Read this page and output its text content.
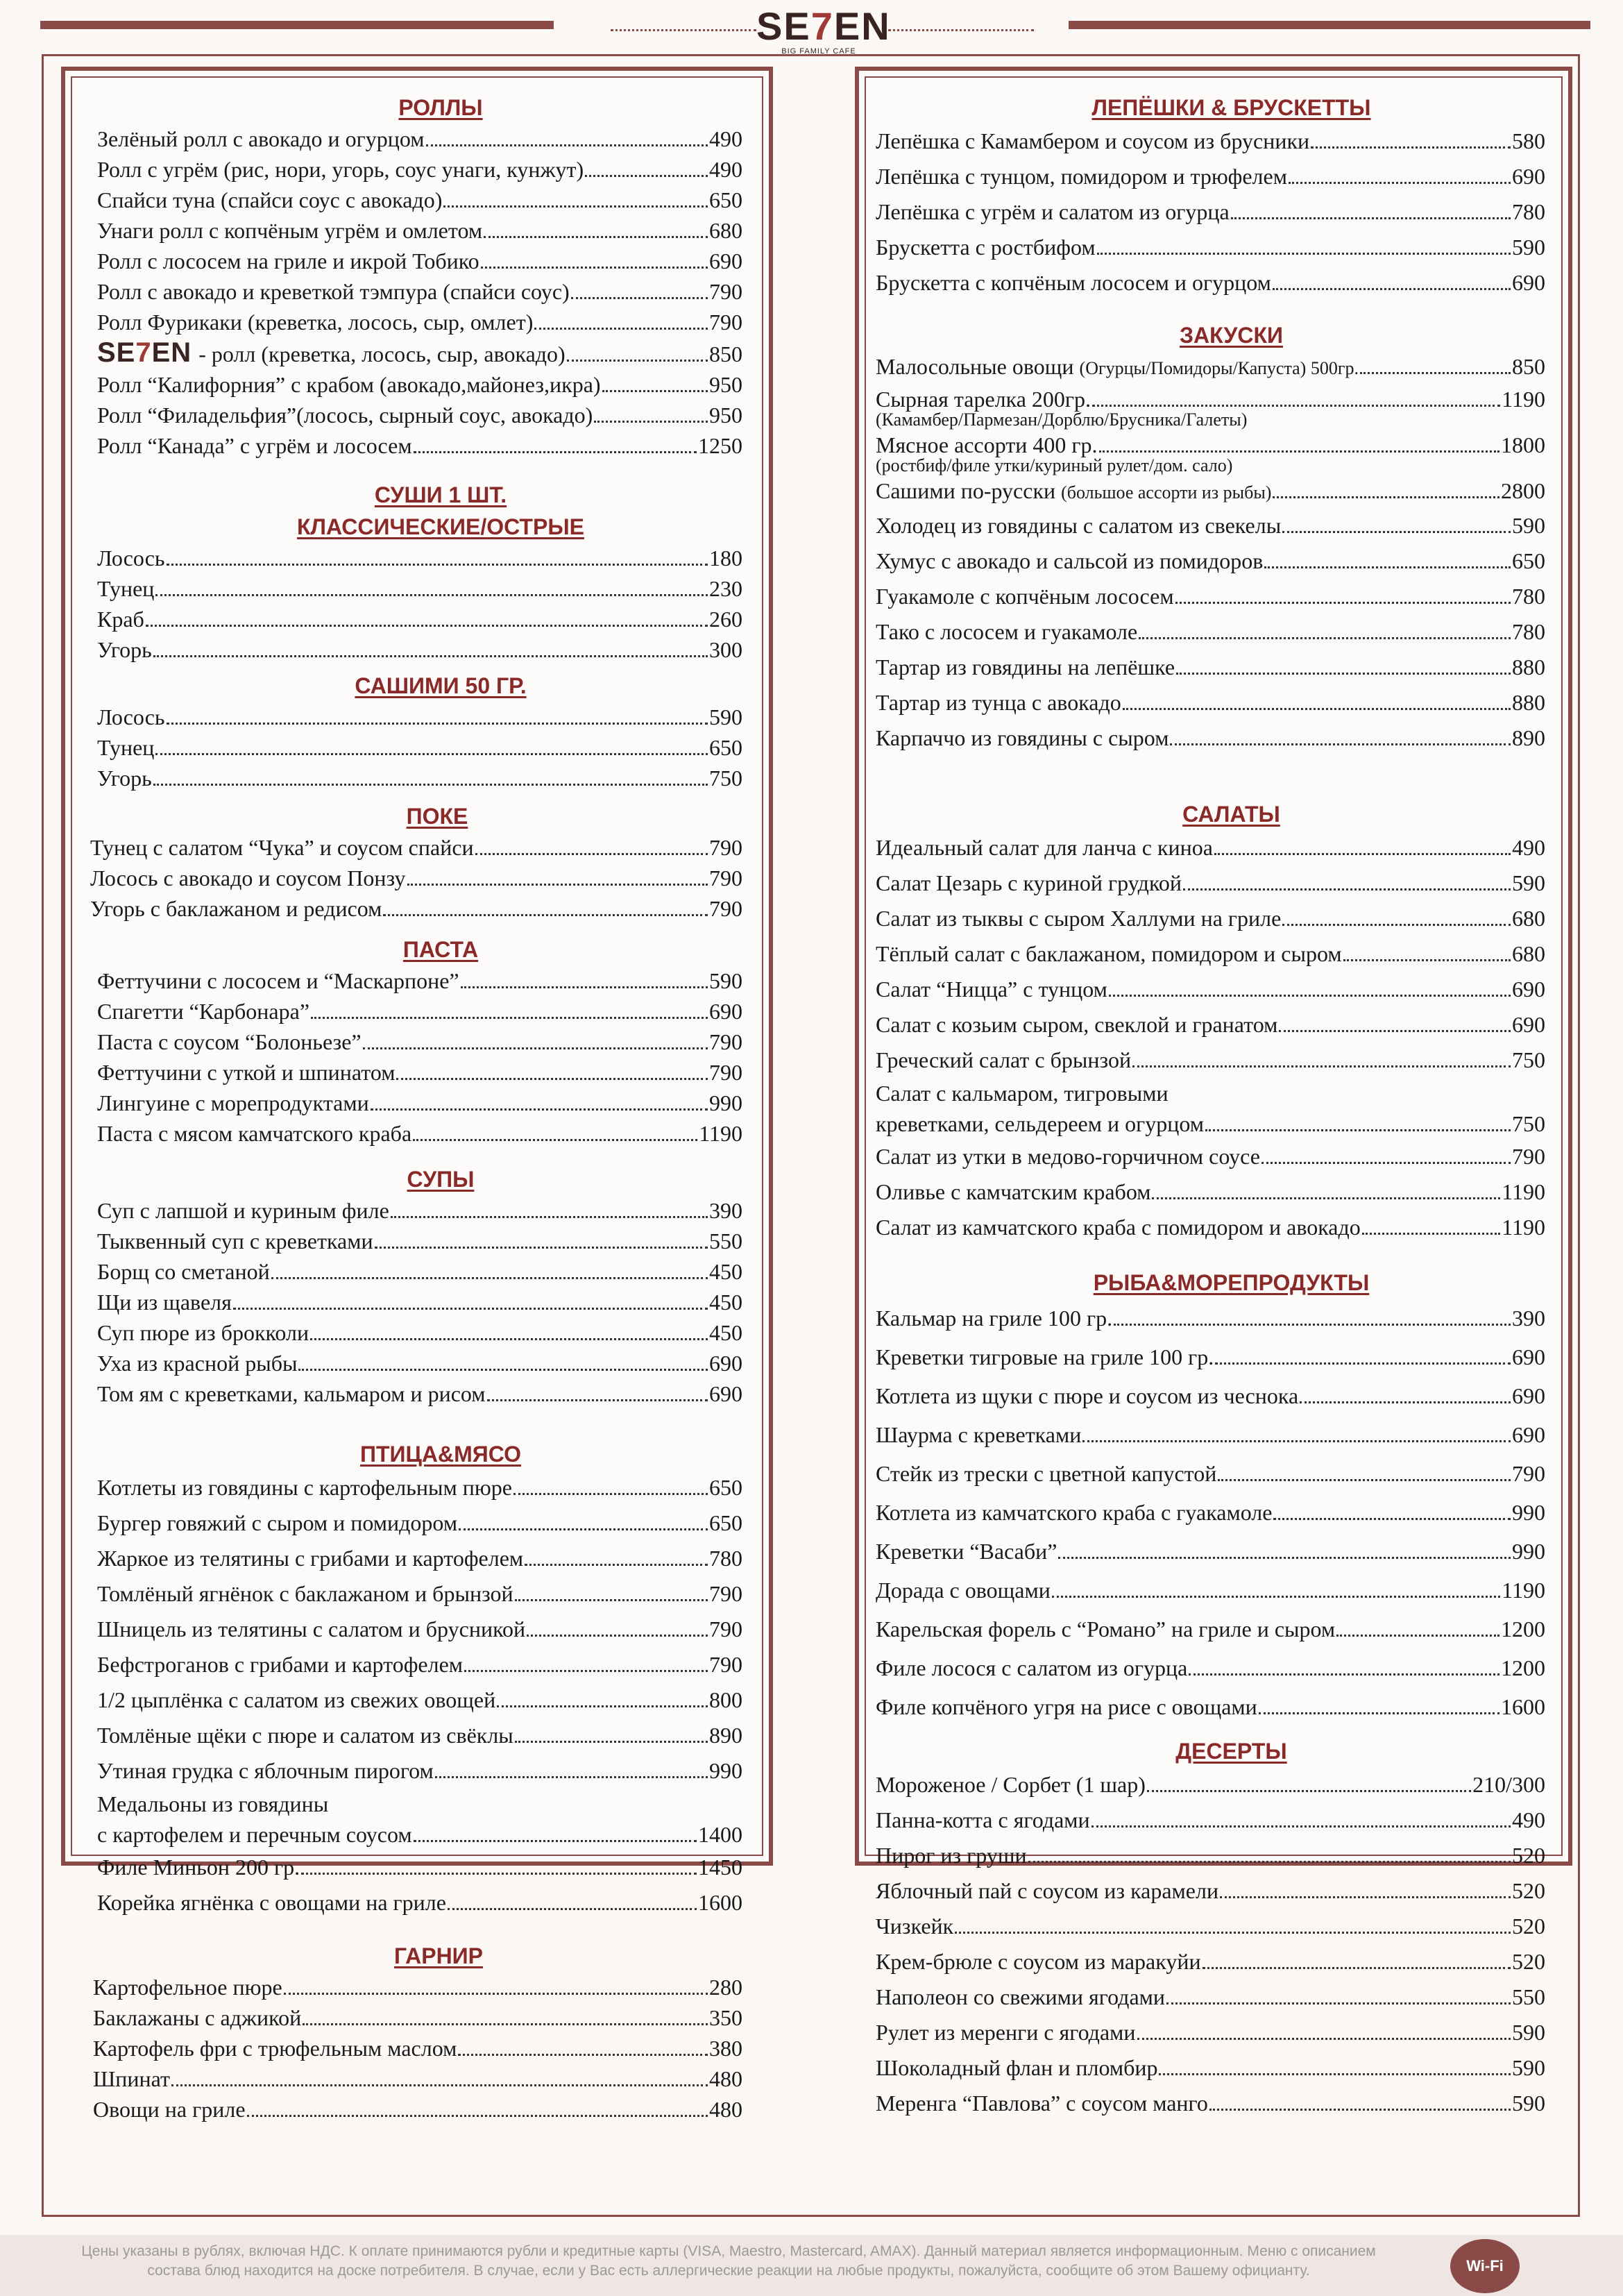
SE7EN
BIG FAMILY CAFE
РОЛЛЫ
Зелёный ролл с авокадо и огурцом	490
Ролл с угрём (рис, нори, угорь, соус унаги, кунжут)	490
Спайси туна (спайси соус с авокадо)	650
Унаги ролл с копчёным угрём и омлетом	680
Ролл с лососем на гриле и икрой Тобико	690
Ролл с авокадо и креветкой тэмпура (спайси соус)	790
Ролл Фурикаки (креветка, лосось, сыр, омлет)	790
SE7EN - ролл (креветка, лосось, сыр, авокадо)	850
Ролл “Калифорния” с крабом (авокадо,майонез,икра)	950
Ролл “Филадельфия”(лосось, сырный соус, авокадо)	950
Ролл “Канада” с угрём и лососем	1250
СУШИ 1 ШТ.
КЛАССИЧЕСКИЕ/ОСТРЫЕ
Лосось	180
Тунец	230
Краб	260
Угорь	300
САШИМИ 50 ГР.
Лосось	590
Тунец	650
Угорь	750
ПОКЕ
Тунец с салатом “Чука” и соусом спайси	790
Лосось с авокадо и соусом Понзу	790
Угорь с баклажаном и редисом	790
ПАСТА
Феттучини с лососем и “Маскарпоне”	590
Спагетти “Карбонара”	690
Паста с соусом “Болоньезе”	790
Феттучини с уткой и шпинатом	790
Лингуине с морепродуктами	990
Паста с мясом камчатского краба	1190
СУПЫ
Суп с лапшой и куриным филе	390
Тыквенный суп с креветками	550
Борщ со сметаной	450
Щи из щавеля	450
Суп пюре из брокколи	450
Уха из красной рыбы	690
Том ям с креветками, кальмаром и рисом	690
ПТИЦА&МЯСО
Котлеты из говядины с картофельным пюре	650
Бургер говяжий с сыром и помидором	650
Жаркое из телятины с грибами и картофелем	780
Томлёный ягнёнок с баклажаном и брынзой	790
Шницель из телятины с салатом и брусникой	790
Бефстроганов с грибами и картофелем	790
1/2 цыплёнка с салатом из свежих овощей	800
Томлёные щёки с пюре и салатом из свёклы	890
Утиная грудка с яблочным пирогом	990
Медальоны из говядины
с картофелем и перечным соусом	1400
Филе Миньон 200 гр.	1450
Корейка ягнёнка с овощами на гриле	1600
ГАРНИР
Картофельное пюре	280
Баклажаны с аджикой	350
Картофель фри с трюфельным маслом	380
Шпинат	480
Овощи на гриле	480
ЛЕПЁШКИ & БРУСКЕТТЫ
Лепёшка с Камамбером и соусом из брусники	580
Лепёшка с тунцом, помидором и трюфелем	690
Лепёшка с угрём и салатом из огурца	780
Брускетта с ростбифом	590
Брускетта с копчёным лососем и огурцом	690
ЗАКУСКИ
Малосольные овощи (Огурцы/Помидоры/Капуста) 500гр.	850
Сырная тарелка 200гр.	1190
(Камамбер/Пармезан/Дорблю/Брусника/Галеты)
Мясное ассорти 400 гр.	1800
(ростбиф/филе утки/куриный рулет/дом. сало)
Сашими по-русски (большое ассорти из рыбы)	2800
Холодец из говядины с салатом из свекелы	590
Хумус с авокадо и сальсой из помидоров	650
Гуакамоле с копчёным лососем	780
Тако с лососем и гуакамоле	780
Тартар из говядины на лепёшке	880
Тартар из тунца с авокадо	880
Карпаччо из говядины с сыром	890
САЛАТЫ
Идеальный салат для ланча с киноа	490
Салат Цезарь с куриной грудкой	590
Салат из тыквы с сыром Халлуми на гриле	680
Тёплый салат с баклажаном, помидором и сыром	680
Салат “Ницца” с тунцом	690
Салат с козьим сыром, свеклой и гранатом	690
Греческий салат с брынзой	750
Салат с кальмаром, тигровыми
креветками, сельдереем и огурцом	750
Салат из утки в медово-горчичном соусе	790
Оливье с камчатским крабом	1190
Салат из камчатского краба с помидором и авокадо	1190
РЫБА&МОРЕПРОДУКТЫ
Кальмар на гриле 100 гр.	390
Креветки тигровые на гриле 100 гр.	690
Котлета из щуки с пюре и соусом из чеснока	690
Шаурма с креветками	690
Стейк из трески с цветной капустой	790
Котлета из камчатского краба с гуакамоле	990
Креветки “Васаби”	990
Дорада с овощами	1190
Карельская форель с “Романо” на гриле и сыром	1200
Филе лосося с салатом из огурца	1200
Филе копчёного угря на рисе с овощами	1600
ДЕСЕРТЫ
Мороженое / Сорбет (1 шар)	210/300
Панна-котта с ягодами	490
Пирог из груши	520
Яблочный пай с соусом из карамели	520
Чизкейк	520
Крем-брюле с соусом из маракуйи	520
Наполеон со свежими ягодами	550
Рулет из меренги с ягодами	590
Шоколадный флан и пломбир	590
Меренга “Павлова” с соусом манго	590
Цены указаны в рублях, включая НДС. К оплате принимаются рубли и кредитные карты (VISA, Maestro, Mastercard, AMAX). Данный материал является информационным. Меню с описанием
состава блюд находится на доске потребителя. В случае, если у Вас есть аллергические реакции на любые продукты, пожалуйста, сообщите об этом Вашему официанту.	Wi-Fi
